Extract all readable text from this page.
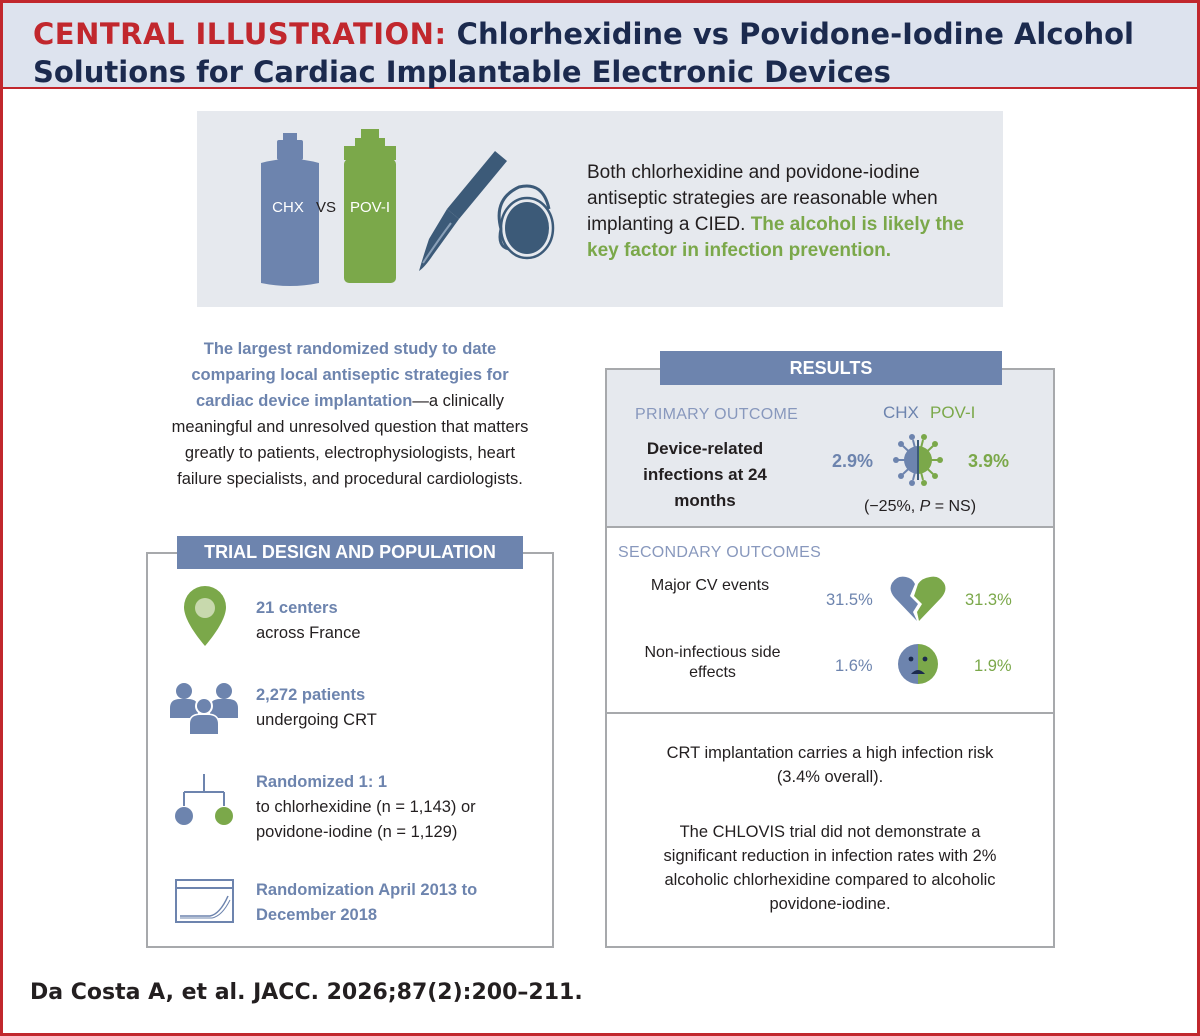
CENTRAL ILLUSTRATION: Chlorhexidine vs Povidone-Iodine Alcohol Solutions for Cardiac Implantable Electronic Devices
CHX VS POV-I
Both chlorhexidine and povidone-iodine antiseptic strategies are reasonable when implanting a CIED. The alcohol is likely the key factor in infection prevention.
The largest randomized study to date comparing local antiseptic strategies for cardiac device implantation—a clinically meaningful and unresolved question that matters greatly to patients, electrophysiologists, heart failure specialists, and procedural cardiologists.
TRIAL DESIGN AND POPULATION
21 centers
across France
2,272 patients
undergoing CRT
Randomized 1: 1
to chlorhexidine (n = 1,143) or povidone-iodine (n = 1,129)
Randomization April 2013 to December 2018
RESULTS
PRIMARY OUTCOME	CHX POV-I
Device-related infections at 24 months
2.9%	3.9%
(−25%, P = NS)
SECONDARY OUTCOMES
Major CV events
31.5%	31.3%
Non-infectious side effects	1.6%	1.9%
CRT implantation carries a high infection risk (3.4% overall).
The CHLOVIS trial did not demonstrate a significant reduction in infection rates with 2% alcoholic chlorhexidine compared to alcoholic povidone-iodine.
Da Costa A, et al. JACC. 2026;87(2):200–211.
